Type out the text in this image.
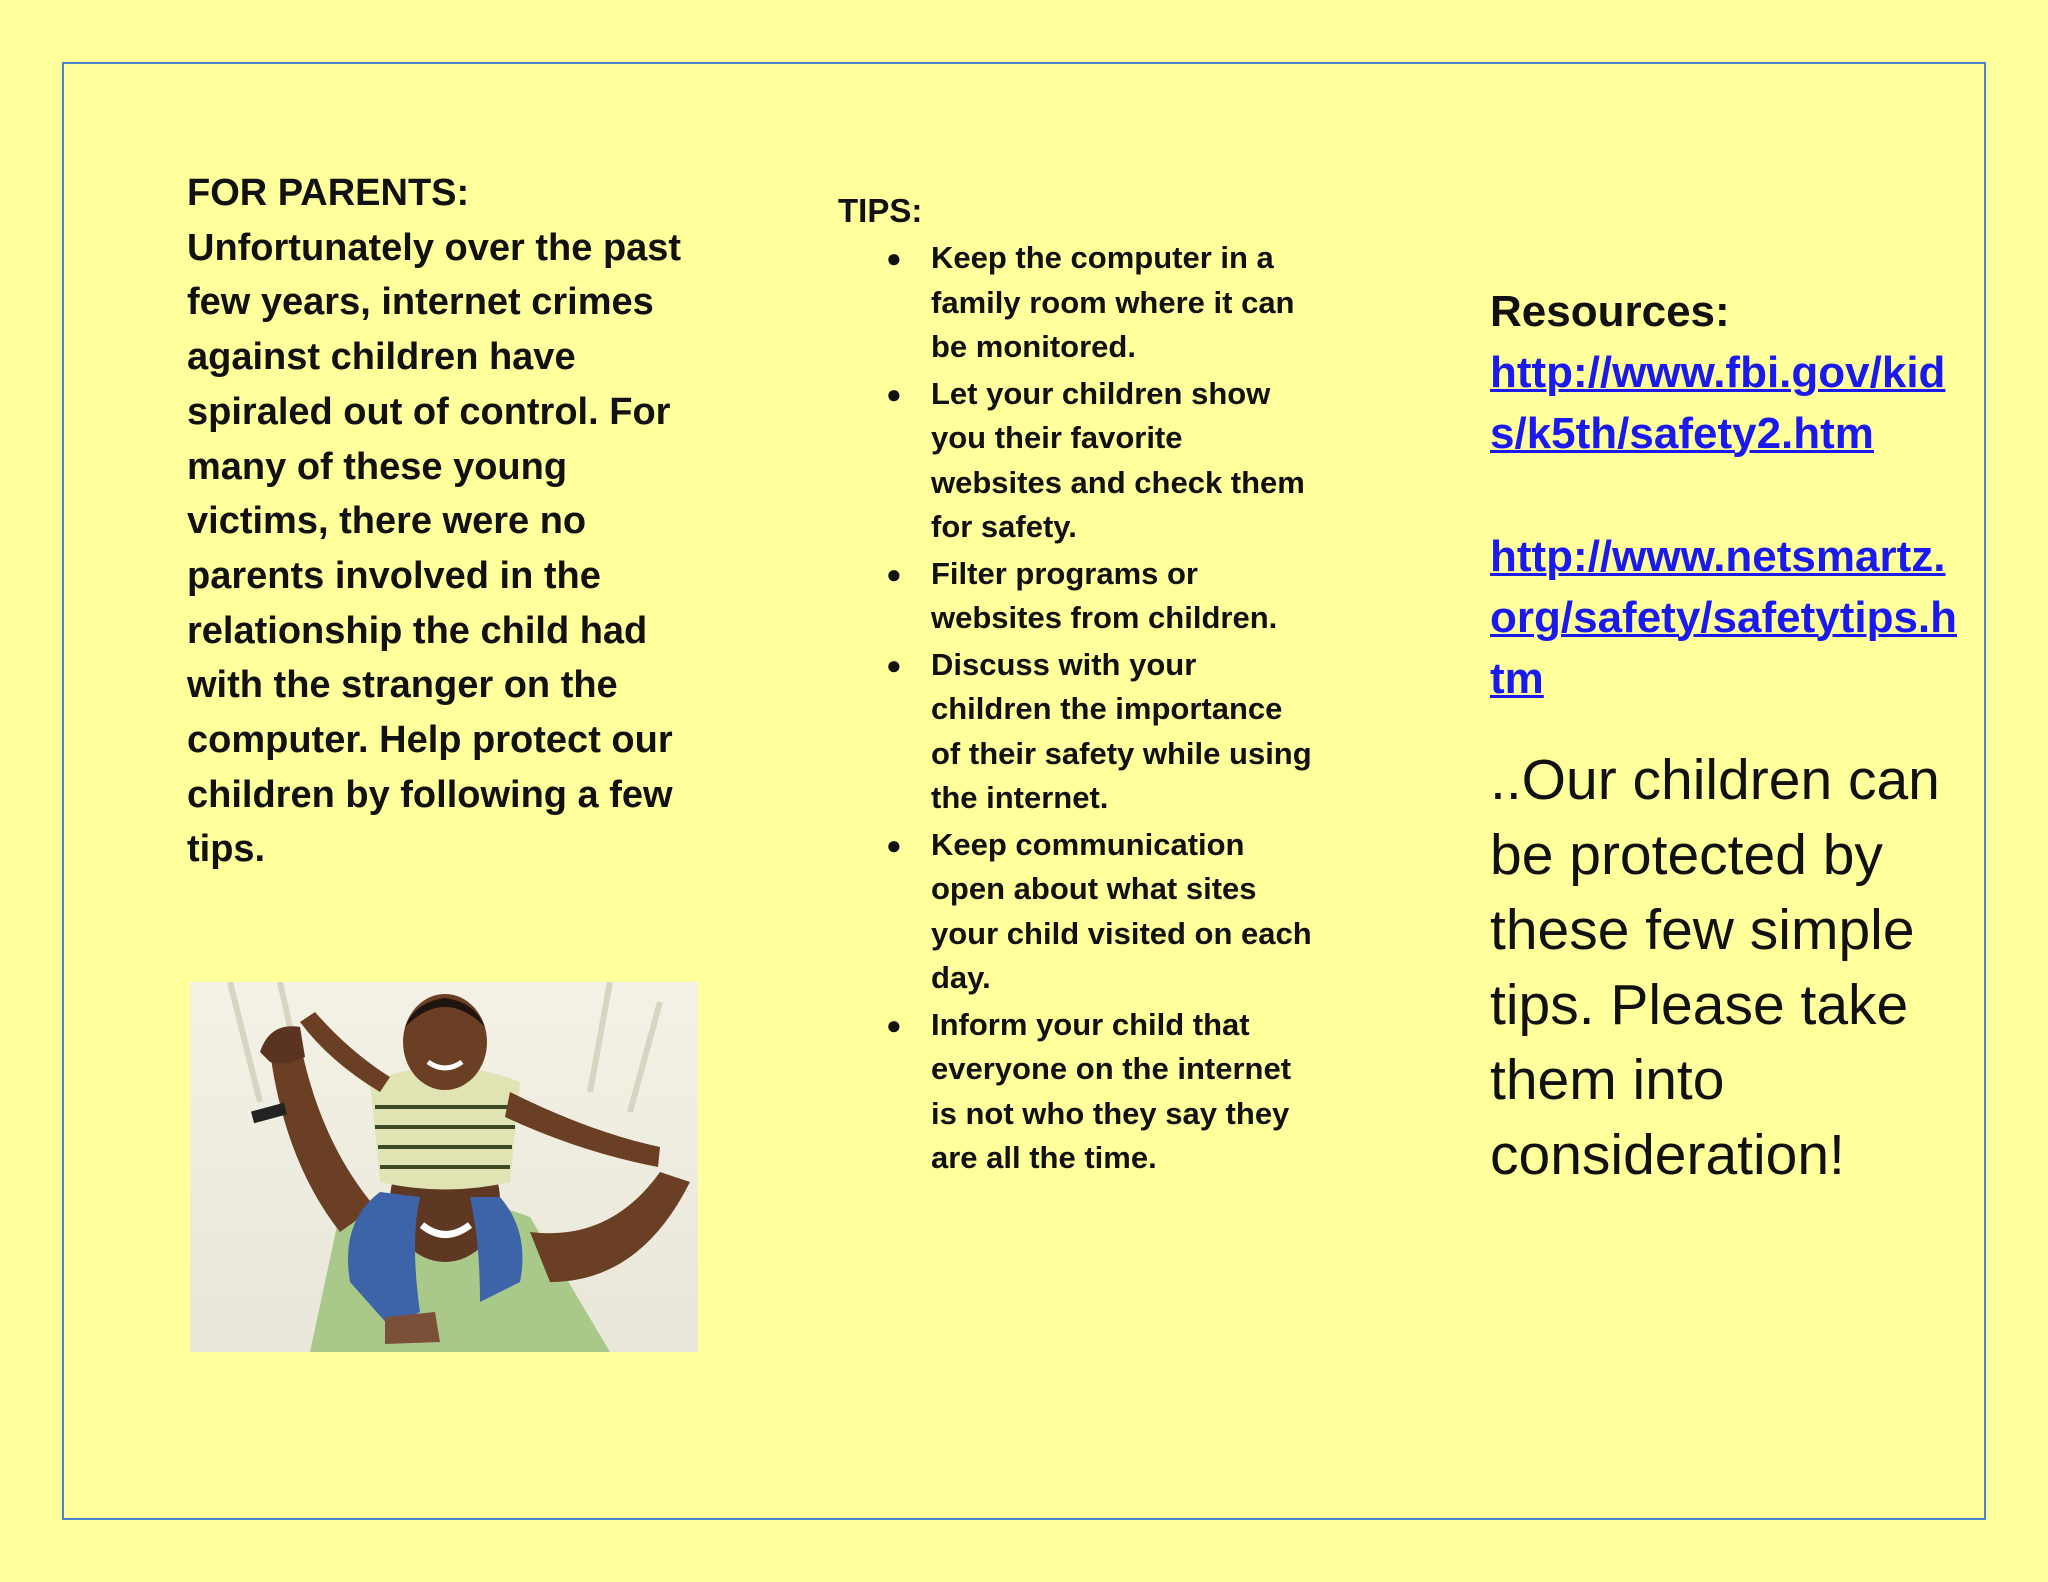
FOR PARENTS: Unfortunately over the past few years, internet crimes against children have spiraled out of control. For many of these young victims, there were no parents involved in the relationship the child had with the stranger on the computer. Help protect our children by following a few tips.

TIPS:
● Keep the computer in a family room where it can be monitored.
● Let your children show you their favorite websites and check them for safety.
● Filter programs or websites from children.
● Discuss with your children the importance of their safety while using the internet.
● Keep communication open about what sites your child visited on each day.
● Inform your child that everyone on the internet is not who they say they are all the time.
Resources:
http://www.fbi.gov/kids/k5th/safety2.htm
http://www.netsmartz.org/safety/safetytips.htm
..Our children can be protected by these few simple tips. Please take them into consideration!
